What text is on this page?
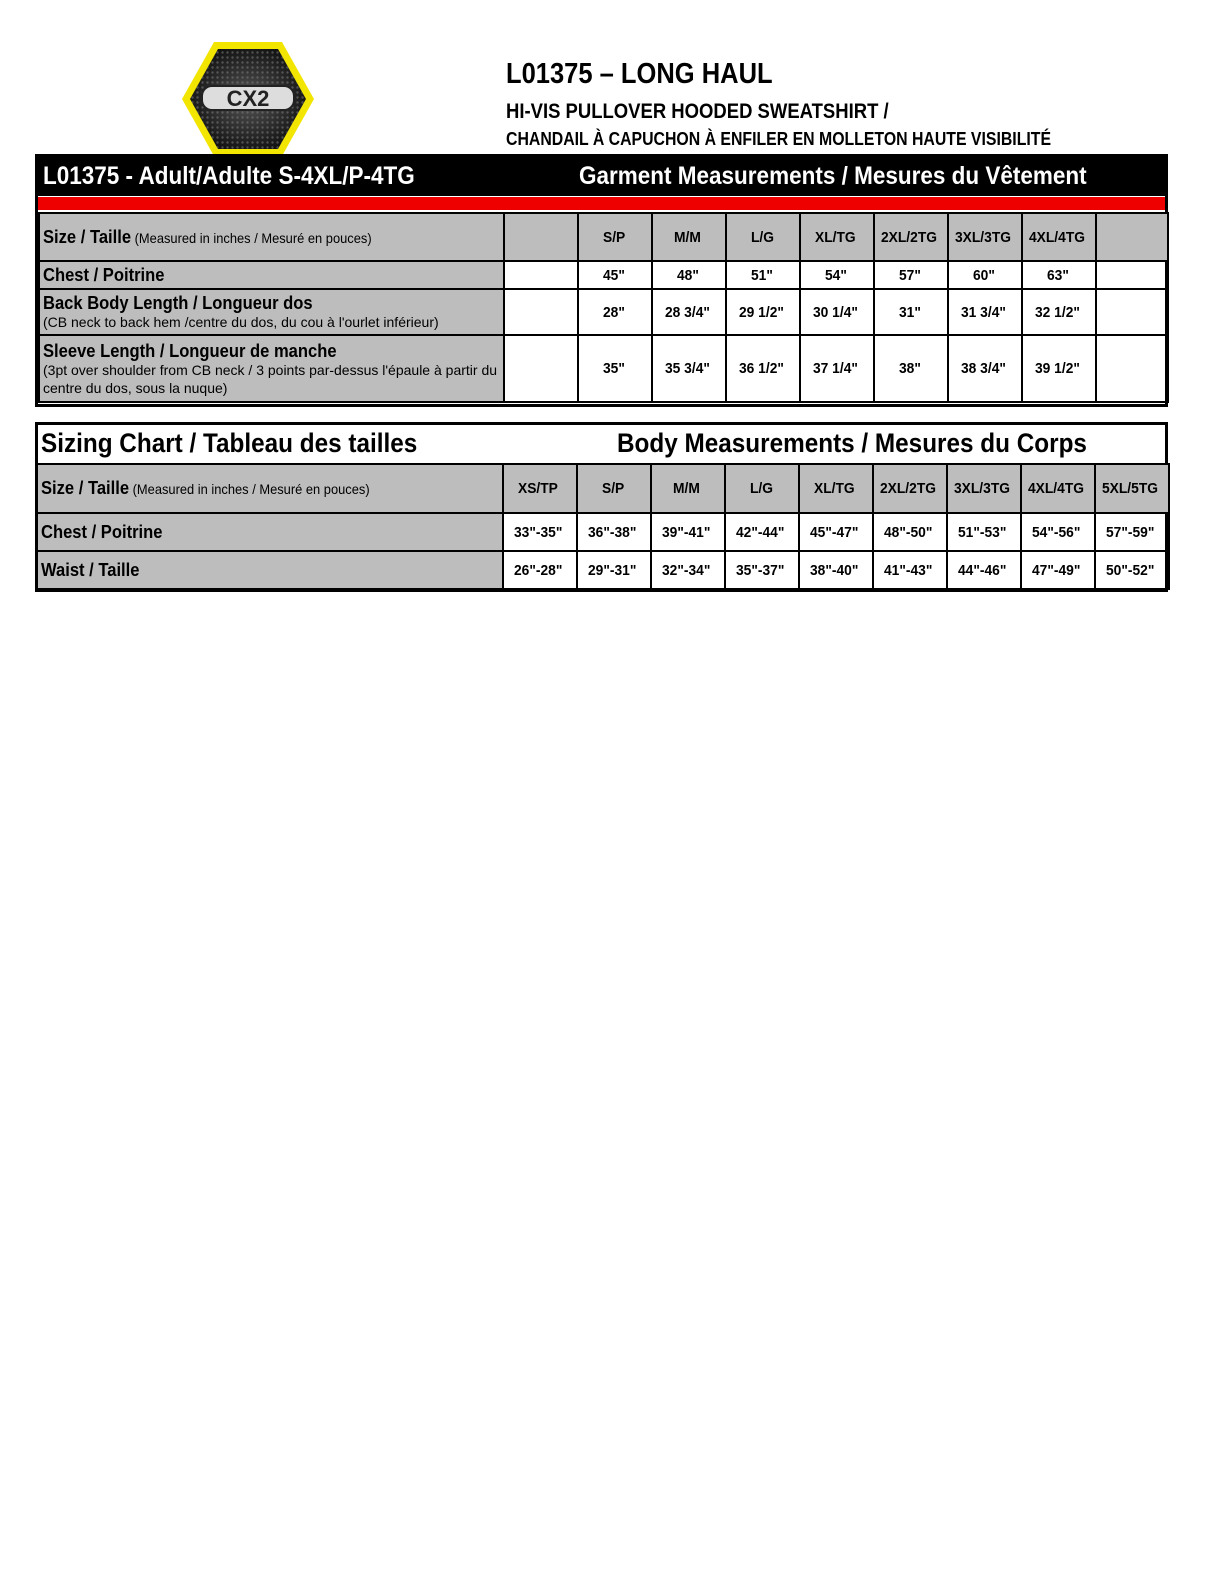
CX2
L01375 – LONG HAUL
HI-VIS PULLOVER HOODED SWEATSHIRT /
CHANDAIL À CAPUCHON À ENFILER EN MOLLETON HAUTE VISIBILITÉ
L01375 - Adult/Adulte S-4XL/P-4TG	Garment Measurements / Mesures du Vêtement
Size / Taille (Measured in inches / Mesuré en pouces)		S/P	M/M	L/G	XL/TG	2XL/2TG	3XL/3TG	4XL/4TG	

Chest / Poitrine		45"	48"	51"	54"	57"	60"	63"	

Back Body Length / Longueur dos
(CB neck to back hem /centre du dos, du cou à l'ourlet inférieur)		28"	28 3/4"	29 1/2"	30 1/4"	31"	31 3/4"	32 1/2"	

Sleeve Length / Longueur de manche
(3pt over shoulder from CB neck / 3 points par-dessus l'épaule à partir du centre du dos, sous la nuque)		35"	35 3/4"	36 1/2"	37 1/4"	38"	38 3/4"	39 1/2"	
Sizing Chart / Tableau des tailles	Body Measurements / Mesures du Corps
Size / Taille (Measured in inches / Mesuré en pouces)	XS/TP	S/P	M/M	L/G	XL/TG	2XL/2TG	3XL/3TG	4XL/4TG	5XL/5TG

Chest / Poitrine	33"-35"	36"-38"	39"-41"	42"-44"	45"-47"	48"-50"	51"-53"	54"-56"	57"-59"

Waist / Taille	26"-28"	29"-31"	32"-34"	35"-37"	38"-40"	41"-43"	44"-46"	47"-49"	50"-52"
